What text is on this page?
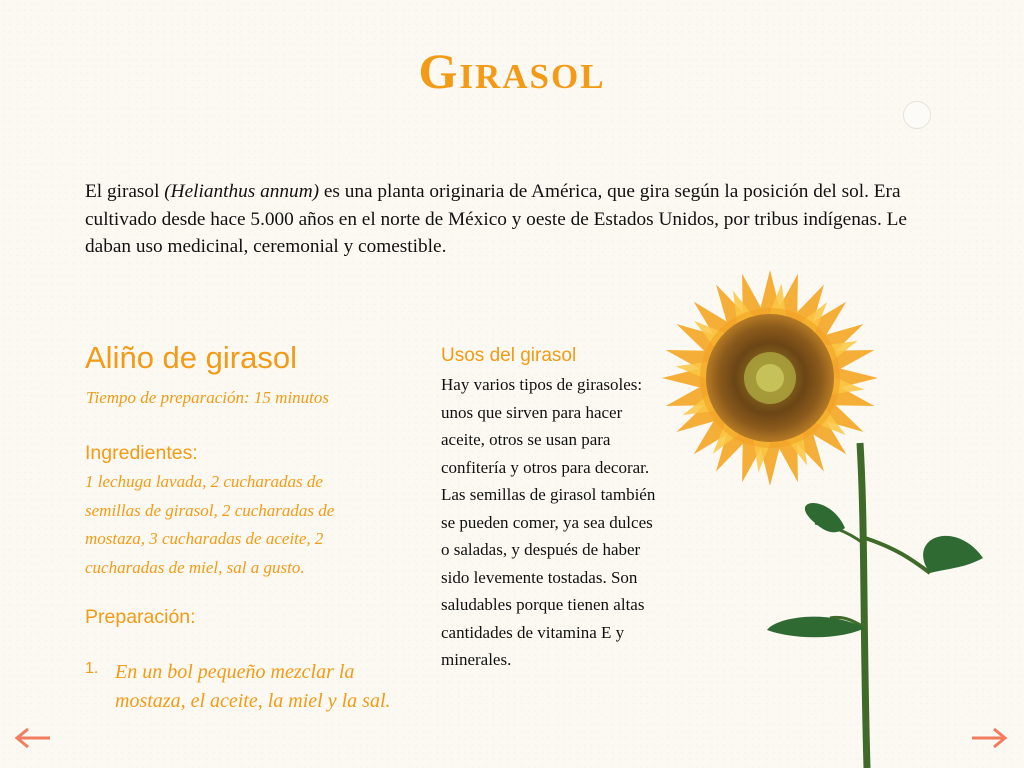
Girasol

El girasol (Helianthus annum) es una planta originaria de América, que gira según la posición del sol. Era cultivado desde hace 5.000 años en el norte de México y oeste de Estados Unidos, por tribus indígenas. Le daban uso medicinal, ceremonial y comestible.

Aliño de girasol
Tiempo de preparación: 15 minutos
Ingredientes:
1 lechuga lavada, 2 cucharadas de semillas de girasol, 2 cucharadas de mostaza, 3 cucharadas de aceite, 2 cucharadas de miel, sal a gusto.
Preparación:
1. En un bol pequeño mezclar la mostaza, el aceite, la miel y la sal.
Usos del girasol
Hay varios tipos de girasoles: unos que sirven para hacer aceite, otros se usan para confitería y otros para decorar. Las semillas de girasol también se pueden comer, ya sea dulces o saladas, y después de haber sido levemente tostadas. Son saludables porque tienen altas cantidades de vitamina E y minerales.
